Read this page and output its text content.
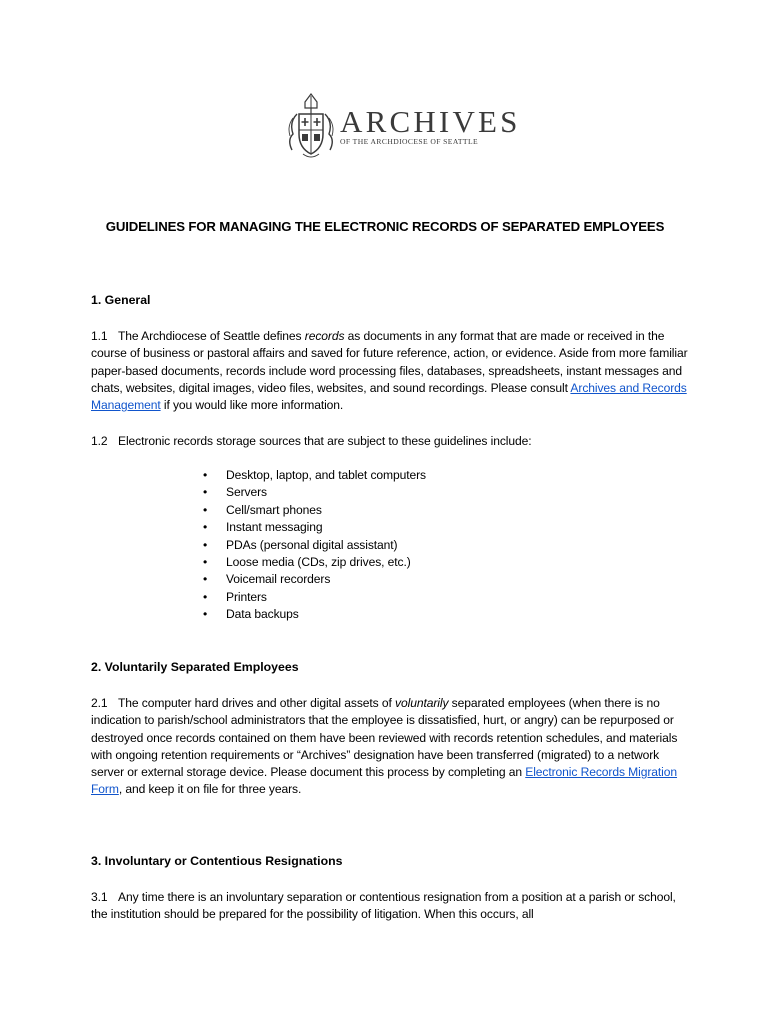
ARCHIVES
OF THE ARCHDIOCESE OF SEATTLE
GUIDELINES FOR MANAGING THE ELECTRONIC RECORDS OF SEPARATED EMPLOYEES
1. General
1.1 The Archdiocese of Seattle defines records as documents in any format that are made or received in the course of business or pastoral affairs and saved for future reference, action, or evidence. Aside from more familiar paper-based documents, records include word processing files, databases, spreadsheets, instant messages and chats, websites, digital images, video files, websites, and sound recordings. Please consult Archives and Records Management if you would like more information.
1.2 Electronic records storage sources that are subject to these guidelines include:
• Desktop, laptop, and tablet computers
• Servers
• Cell/smart phones
• Instant messaging
• PDAs (personal digital assistant)
• Loose media (CDs, zip drives, etc.)
• Voicemail recorders
• Printers
• Data backups
2. Voluntarily Separated Employees
2.1 The computer hard drives and other digital assets of voluntarily separated employees (when there is no indication to parish/school administrators that the employee is dissatisfied, hurt, or angry) can be repurposed or destroyed once records contained on them have been reviewed with records retention schedules, and materials with ongoing retention requirements or “Archives” designation have been transferred (migrated) to a network server or external storage device. Please document this process by completing an Electronic Records Migration Form, and keep it on file for three years.
3. Involuntary or Contentious Resignations
3.1 Any time there is an involuntary separation or contentious resignation from a position at a parish or school, the institution should be prepared for the possibility of litigation. When this occurs, all
